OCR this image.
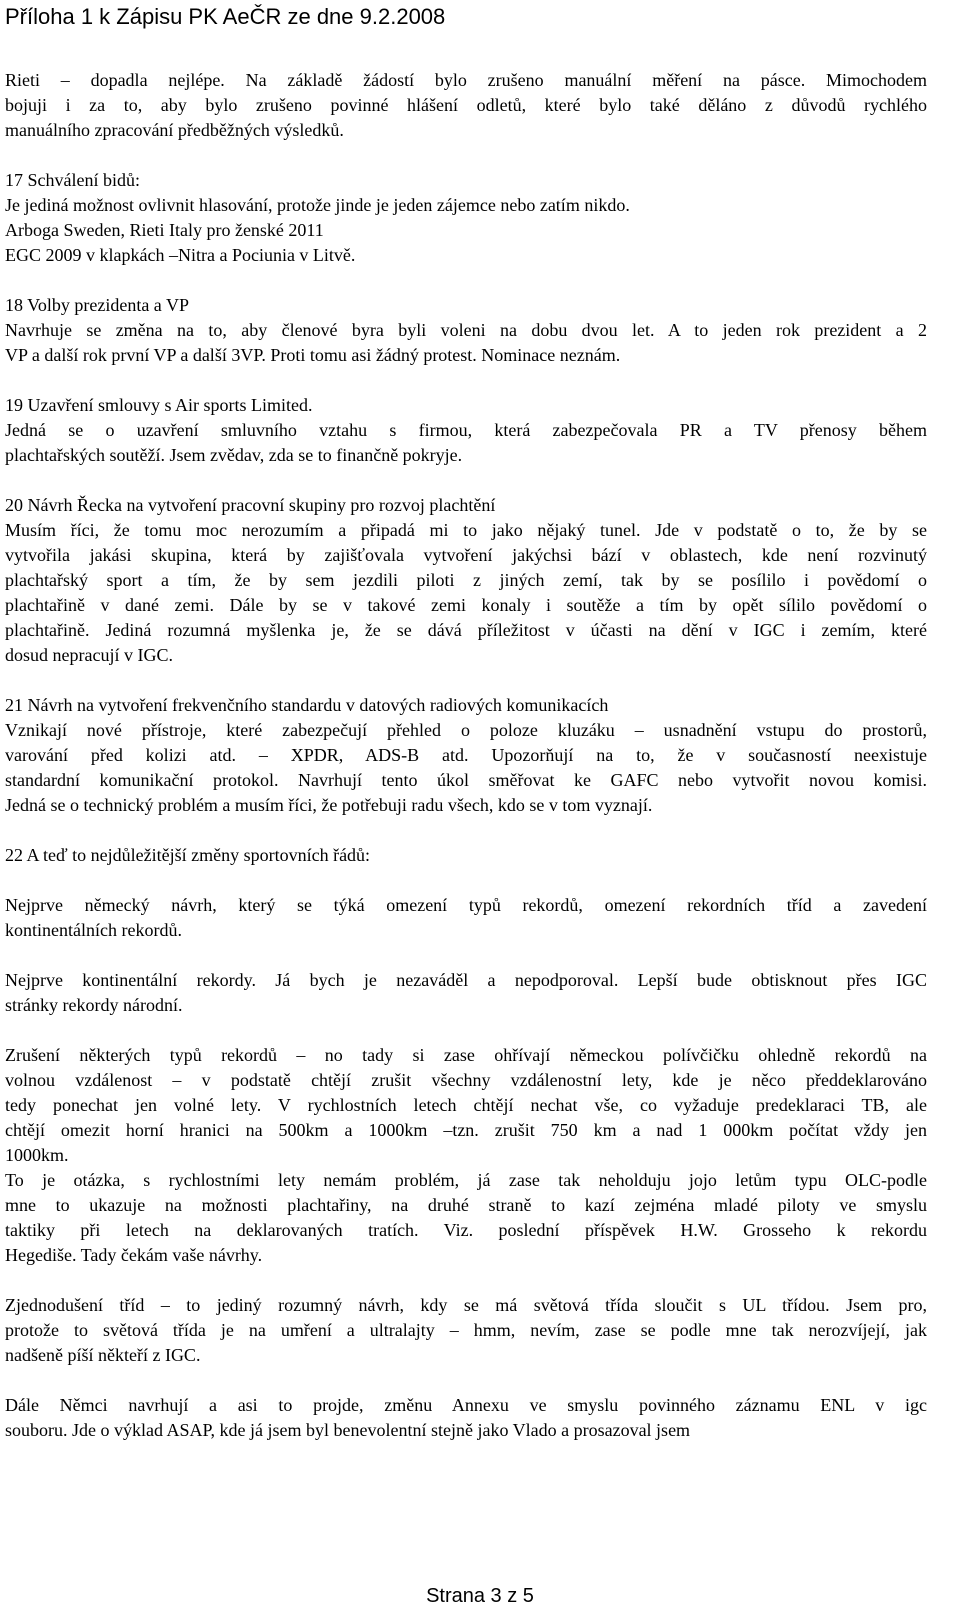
Příloha 1 k Zápisu PK AeČR ze dne 9.2.2008
Rieti – dopadla nejlépe. Na základě žádostí bylo zrušeno manuální měření na pásce. Mimochodem
bojuji i za to, aby bylo zrušeno povinné hlášení odletů, které bylo také děláno z důvodů rychlého
manuálního zpracování předběžných výsledků.
17 Schválení bidů:
Je jediná možnost ovlivnit hlasování, protože jinde je jeden zájemce nebo zatím nikdo.
Arboga Sweden, Rieti Italy pro ženské 2011
EGC 2009 v klapkách –Nitra a Pociunia v Litvě.
18 Volby prezidenta a VP
Navrhuje se změna na to, aby členové byra byli voleni na dobu dvou let. A to jeden rok prezident a 2
VP a další rok první VP a další 3VP. Proti tomu asi žádný protest. Nominace neznám.
19 Uzavření smlouvy s Air sports Limited.
Jedná se o uzavření smluvního vztahu s firmou, která zabezpečovala PR a TV přenosy během
plachtařských soutěží. Jsem zvědav, zda se to finančně pokryje.
20 Návrh Řecka na vytvoření pracovní skupiny pro rozvoj plachtění
Musím říci, že tomu moc nerozumím a připadá mi to jako nějaký tunel. Jde v podstatě o to, že by se
vytvořila jakási skupina, která by zajišťovala vytvoření jakýchsi bází v oblastech, kde není rozvinutý
plachtařský sport a tím, že by sem jezdili piloti z jiných zemí, tak by se posílilo i povědomí o
plachtařině v dané zemi. Dále by se v takové zemi konaly i soutěže a tím by opět sílilo povědomí o
plachtařině. Jediná rozumná myšlenka je, že se dává příležitost v účasti na dění v IGC i zemím, které
dosud nepracují v IGC.
21 Návrh na vytvoření frekvenčního standardu v datových radiových komunikacích
Vznikají nové přístroje, které zabezpečují přehled o poloze kluzáku – usnadnění vstupu do prostorů,
varování před kolizi atd. – XPDR, ADS-B atd. Upozorňují na to, že v současností neexistuje
standardní komunikační protokol. Navrhují tento úkol směřovat ke GAFC nebo vytvořit novou komisi.
Jedná se o technický problém a musím říci, že potřebuji radu všech, kdo se v tom vyznají.
22 A teď to nejdůležitější změny sportovních řádů:
Nejprve německý návrh, který se týká omezení typů rekordů, omezení rekordních tříd a zavedení
kontinentálních rekordů.
Nejprve kontinentální rekordy. Já bych je nezaváděl a nepodporoval. Lepší bude obtisknout přes IGC
stránky rekordy národní.
Zrušení některých typů rekordů – no tady si zase ohřívají německou polívčičku ohledně rekordů na
volnou vzdálenost – v podstatě chtějí zrušit všechny vzdálenostní lety, kde je něco předdeklarováno
tedy ponechat jen volné lety. V rychlostních letech chtějí nechat vše, co vyžaduje predeklaraci TB, ale
chtějí omezit horní hranici na 500km a 1000km –tzn. zrušit 750 km a nad 1 000km počítat vždy jen
1000km.
To je otázka, s rychlostními lety nemám problém, já zase tak neholduju jojo letům typu OLC-podle
mne to ukazuje na možnosti plachtařiny, na druhé straně to kazí zejména mladé piloty ve smyslu
taktiky při letech na deklarovaných tratích. Viz. poslední příspěvek H.W. Grosseho k rekordu
Hegediše. Tady čekám vaše návrhy.
Zjednodušení tříd – to jediný rozumný návrh, kdy se má světová třída sloučit s UL třídou. Jsem pro,
protože to světová třída je na umření a ultralajty – hmm, nevím, zase se podle mne tak nerozvíjejí, jak
nadšeně píší někteří z IGC.
Dále Němci navrhují a asi to projde, změnu Annexu ve smyslu povinného záznamu ENL v igc
souboru. Jde o výklad ASAP, kde já jsem byl benevolentní stejně jako Vlado a prosazoval jsem
Strana 3 z 5
